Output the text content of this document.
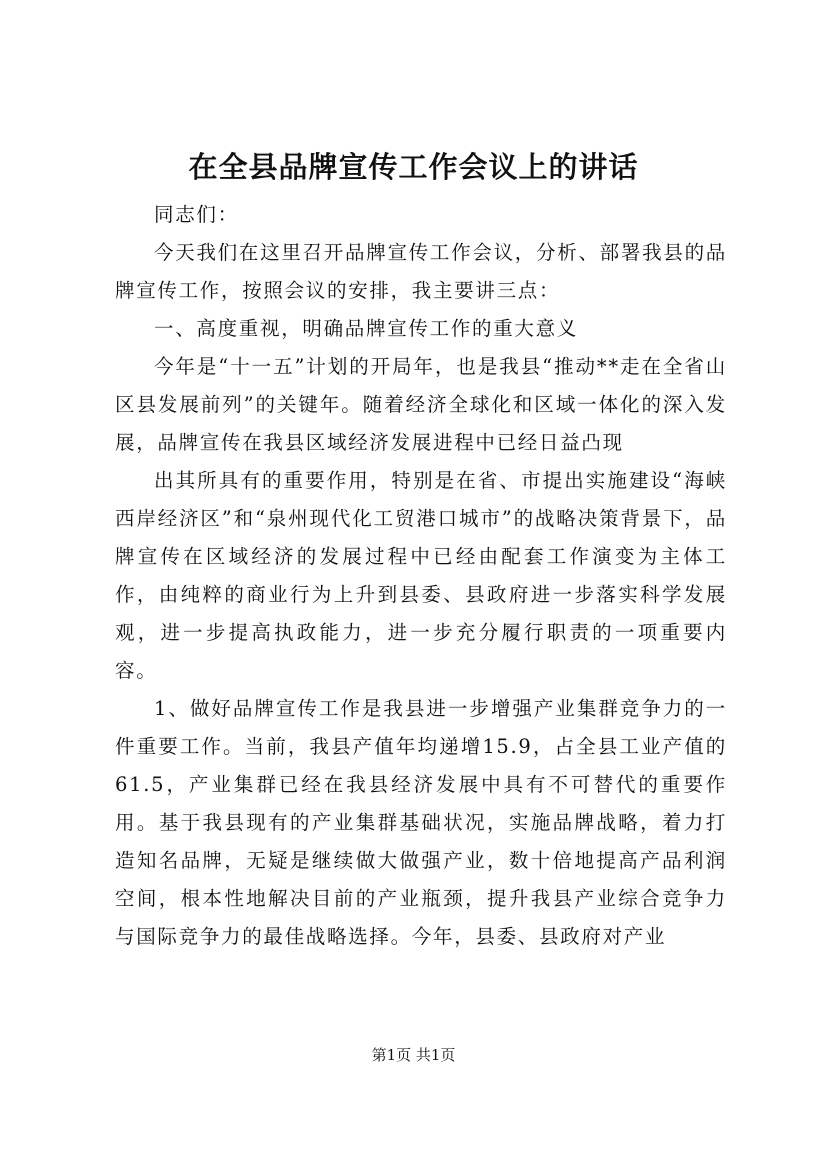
在全县品牌宣传工作会议上的讲话

同志们：

今天我们在这里召开品牌宣传工作会议，分析、部署我县的品牌宣传工作，按照会议的安排，我主要讲三点：

一、高度重视，明确品牌宣传工作的重大意义

今年是“十一五”计划的开局年，也是我县“推动**走在全省山区县发展前列”的关键年。随着经济全球化和区域一体化的深入发展，品牌宣传在我县区域经济发展进程中已经日益凸现

出其所具有的重要作用，特别是在省、市提出实施建设“海峡西岸经济区”和“泉州现代化工贸港口城市”的战略决策背景下，品牌宣传在区域经济的发展过程中已经由配套工作演变为主体工作，由纯粹的商业行为上升到县委、县政府进一步落实科学发展观，进一步提高执政能力，进一步充分履行职责的一项重要内容。

1、做好品牌宣传工作是我县进一步增强产业集群竞争力的一件重要工作。当前，我县产值年均递增15.9，占全县工业产值的61.5，产业集群已经在我县经济发展中具有不可替代的重要作用。基于我县现有的产业集群基础状况，实施品牌战略，着力打造知名品牌，无疑是继续做大做强产业，数十倍地提高产品利润空间，根本性地解决目前的产业瓶颈，提升我县产业综合竞争力与国际竞争力的最佳战略选择。今年，县委、县政府对产业

第1页 共1页
